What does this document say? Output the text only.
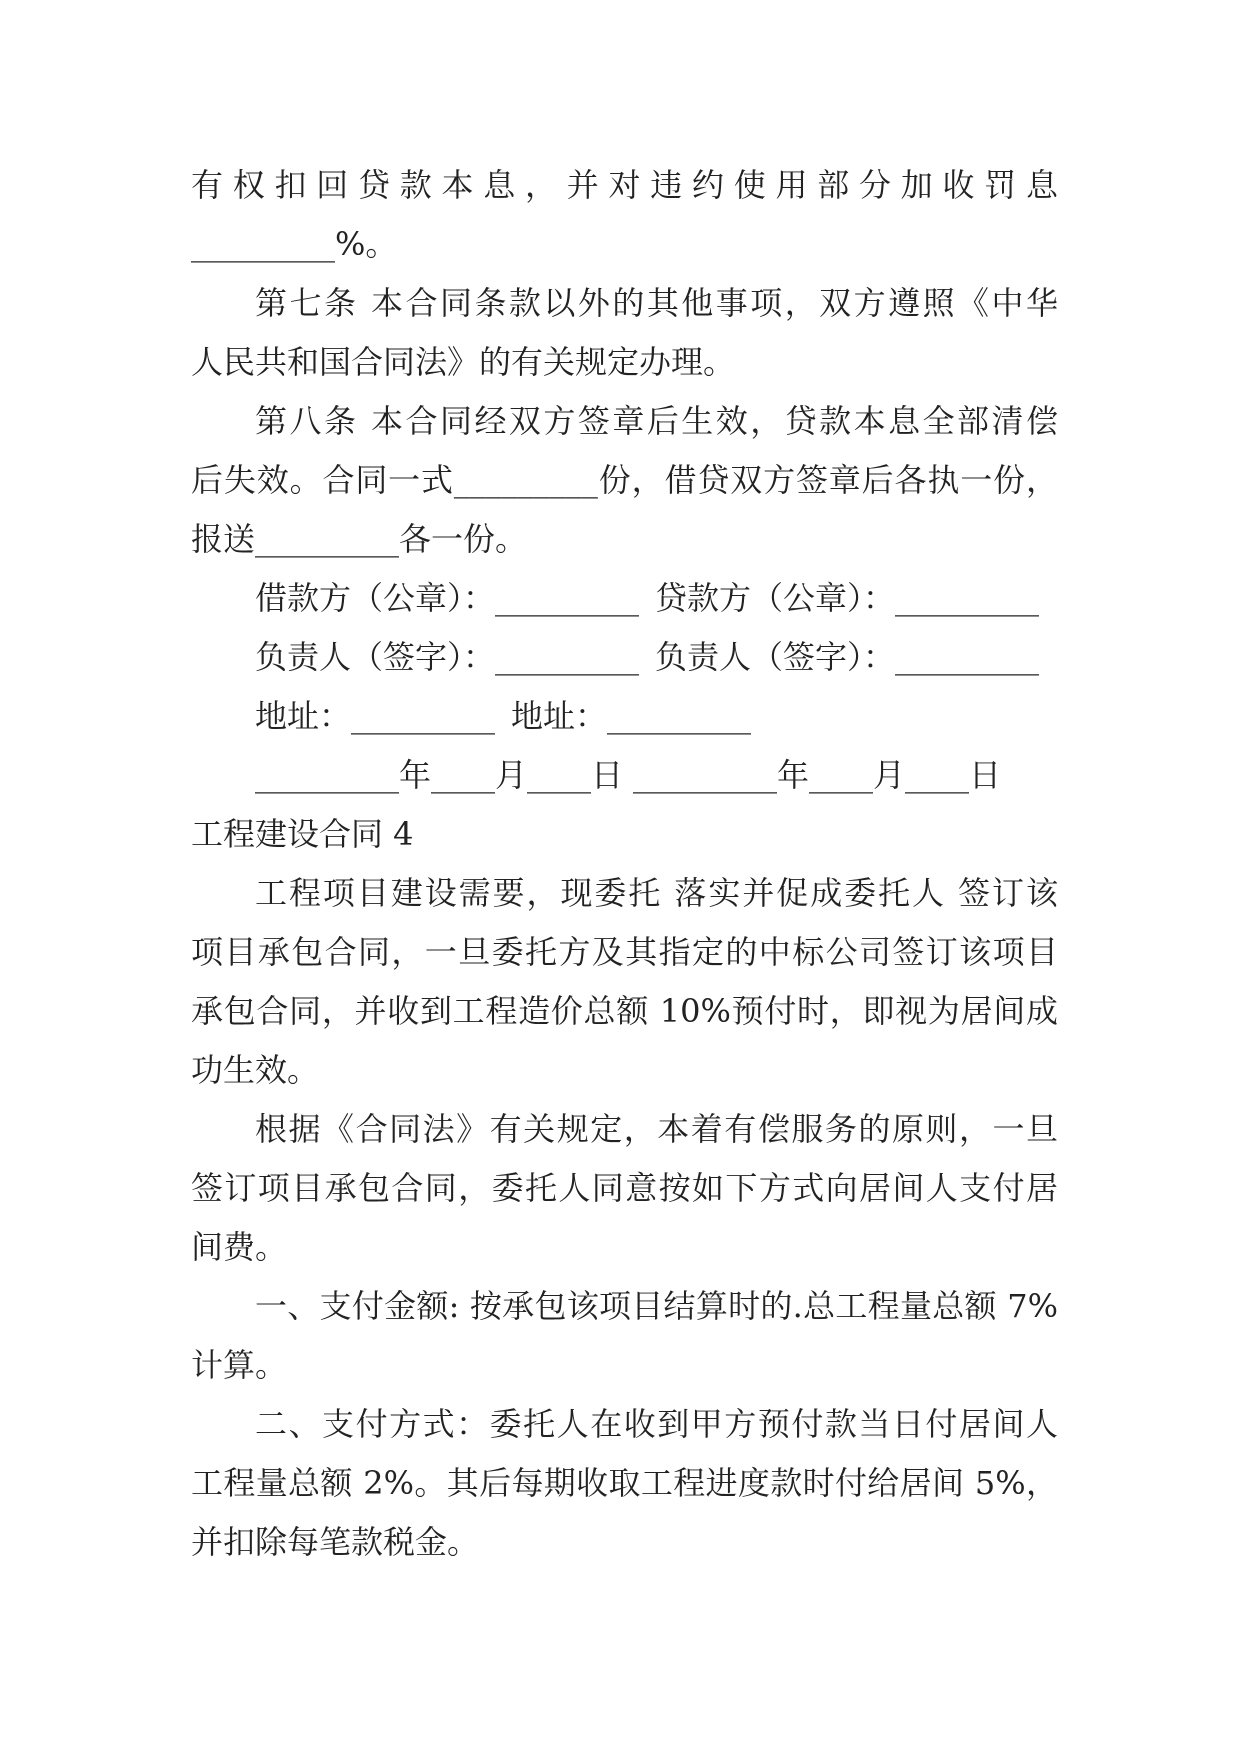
有权扣回贷款本息，并对违约使用部分加收罚息
_________%。
第七条 本合同条款以外的其他事项，双方遵照《中华
人民共和国合同法》的有关规定办理。
第八条 本合同经双方签章后生效，贷款本息全部清偿
后失效。合同一式_________份，借贷双方签章后各执一份，
报送_________各一份。
借款方（公章）：_________ 贷款方（公章）：_________
负责人（签字）：_________ 负责人（签字）：_________
地址：_________ 地址：_________
_________年____月____日 _________年____月____日
工程建设合同 4
工程项目建设需要，现委托 落实并促成委托人 签订该
项目承包合同，一旦委托方及其指定的中标公司签订该项目
承包合同，并收到工程造价总额 10%预付时，即视为居间成
功生效。
根据《合同法》有关规定，本着有偿服务的原则，一旦
签订项目承包合同，委托人同意按如下方式向居间人支付居
间费。
一、支付金额: 按承包该项目结算时的.总工程量总额 7%
计算。
二、支付方式：委托人在收到甲方预付款当日付居间人
工程量总额 2%。其后每期收取工程进度款时付给居间 5%，
并扣除每笔款税金。
